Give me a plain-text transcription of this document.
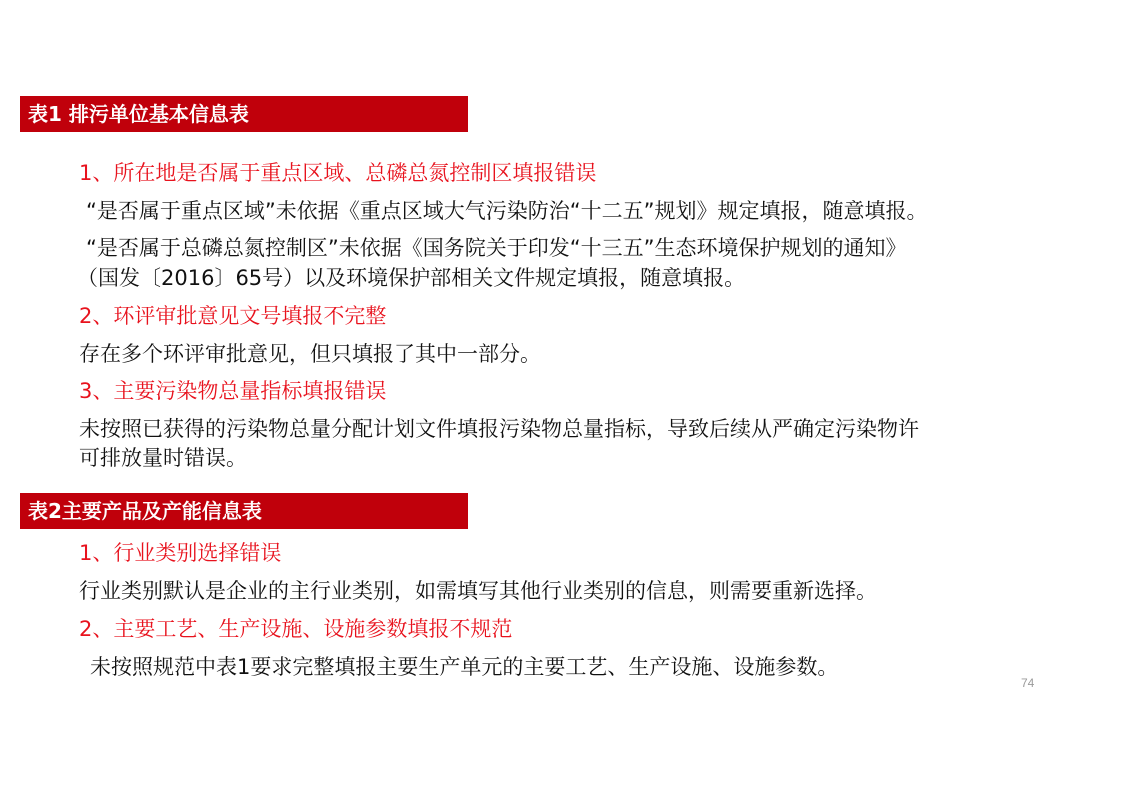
表1 排污单位基本信息表
1、所在地是否属于重点区域、总磷总氮控制区填报错误
“是否属于重点区域”未依据《重点区域大气污染防治“十二五”规划》规定填报，随意填报。
“是否属于总磷总氮控制区”未依据《国务院关于印发“十三五”生态环境保护规划的通知》
（国发〔2016〕65号）以及环境保护部相关文件规定填报，随意填报。
2、环评审批意见文号填报不完整
存在多个环评审批意见，但只填报了其中一部分。
3、主要污染物总量指标填报错误
未按照已获得的污染物总量分配计划文件填报污染物总量指标，导致后续从严确定污染物许
可排放量时错误。
表2主要产品及产能信息表
1、行业类别选择错误
行业类别默认是企业的主行业类别，如需填写其他行业类别的信息，则需要重新选择。
2、主要工艺、生产设施、设施参数填报不规范
未按照规范中表1要求完整填报主要生产单元的主要工艺、生产设施、设施参数。
74
